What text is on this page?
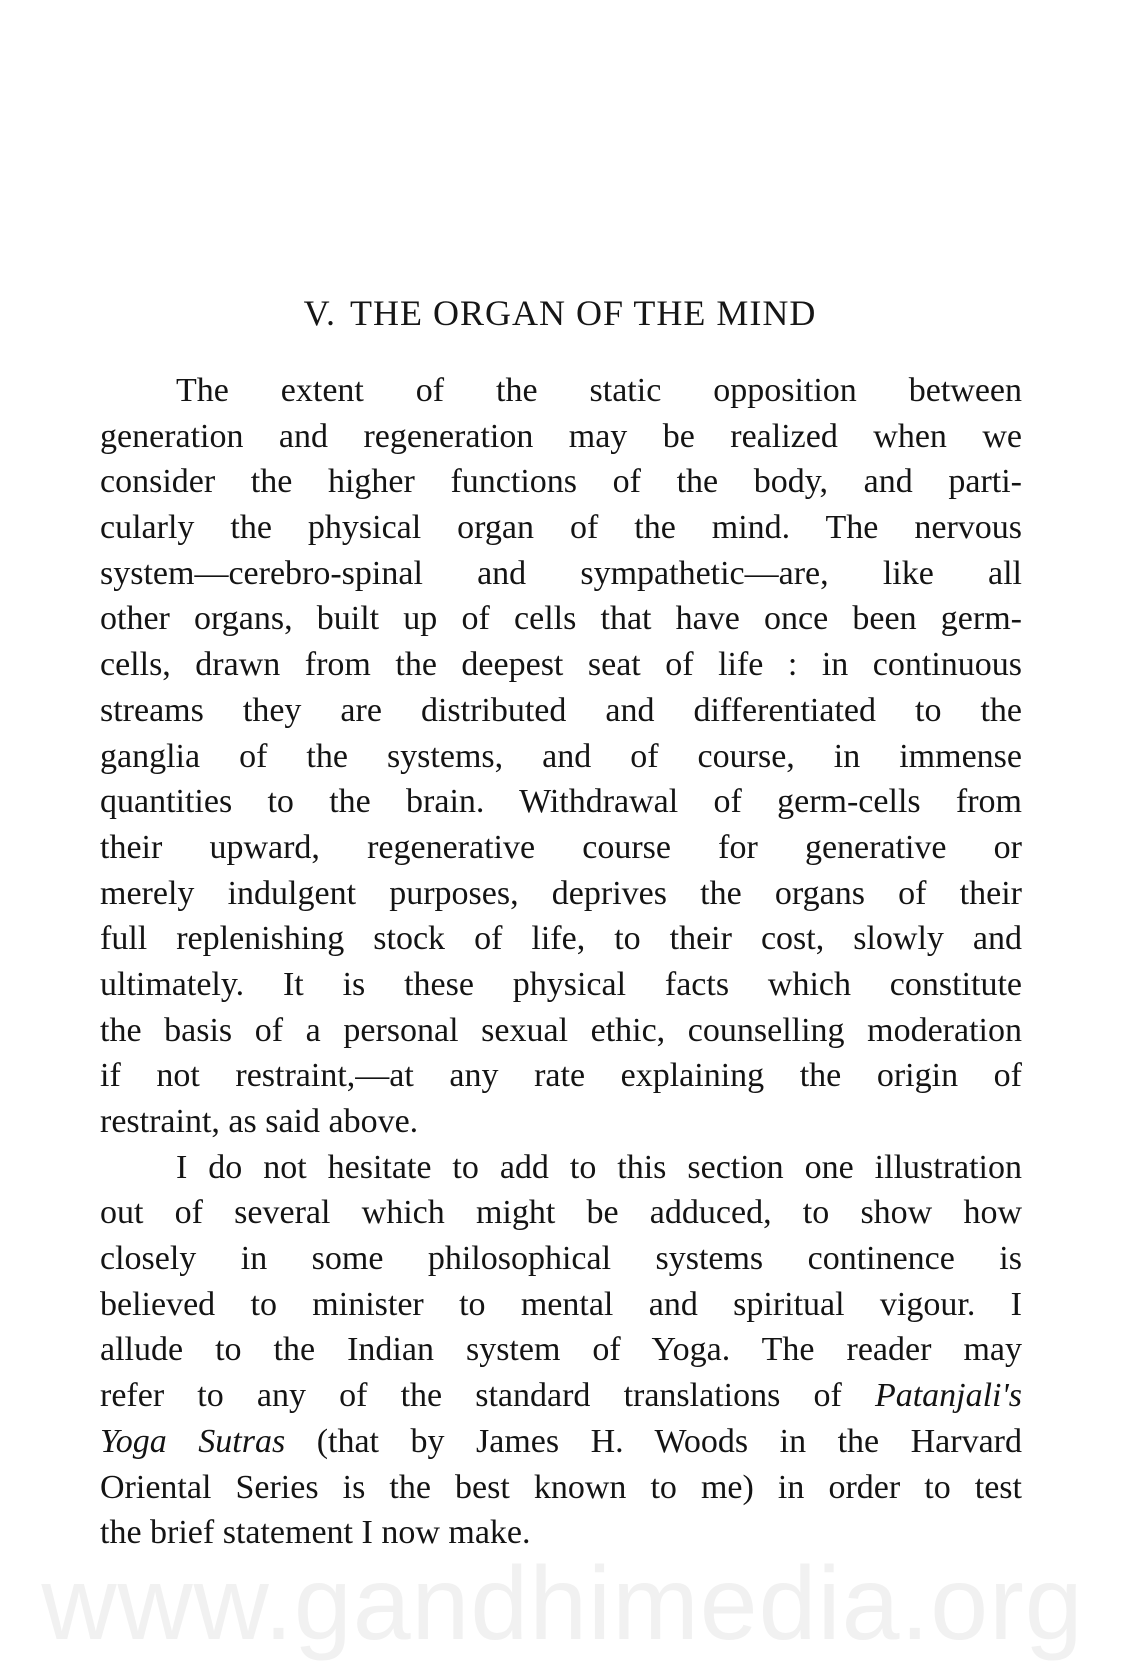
V. THE ORGAN OF THE MIND
The extent of the static opposition between
generation and regeneration may be realized when we
consider the higher functions of the body, and parti-
cularly the physical organ of the mind. The nervous
system—cerebro-spinal and sympathetic—are, like all
other organs, built up of cells that have once been germ-
cells, drawn from the deepest seat of life : in continuous
streams they are distributed and differentiated to the
ganglia of the systems, and of course, in immense
quantities to the brain. Withdrawal of germ-cells from
their upward, regenerative course for generative or
merely indulgent purposes, deprives the organs of their
full replenishing stock of life, to their cost, slowly and
ultimately. It is these physical facts which constitute
the basis of a personal sexual ethic, counselling moderation
if not restraint,—at any rate explaining the origin of
restraint, as said above.
I do not hesitate to add to this section one illustration
out of several which might be adduced, to show how
closely in some philosophical systems continence is
believed to minister to mental and spiritual vigour. I
allude to the Indian system of Yoga. The reader may
refer to any of the standard translations of Patanjali's
Yoga Sutras (that by James H. Woods in the Harvard
Oriental Series is the best known to me) in order to test
the brief statement I now make.
www.gandhimedia.org
